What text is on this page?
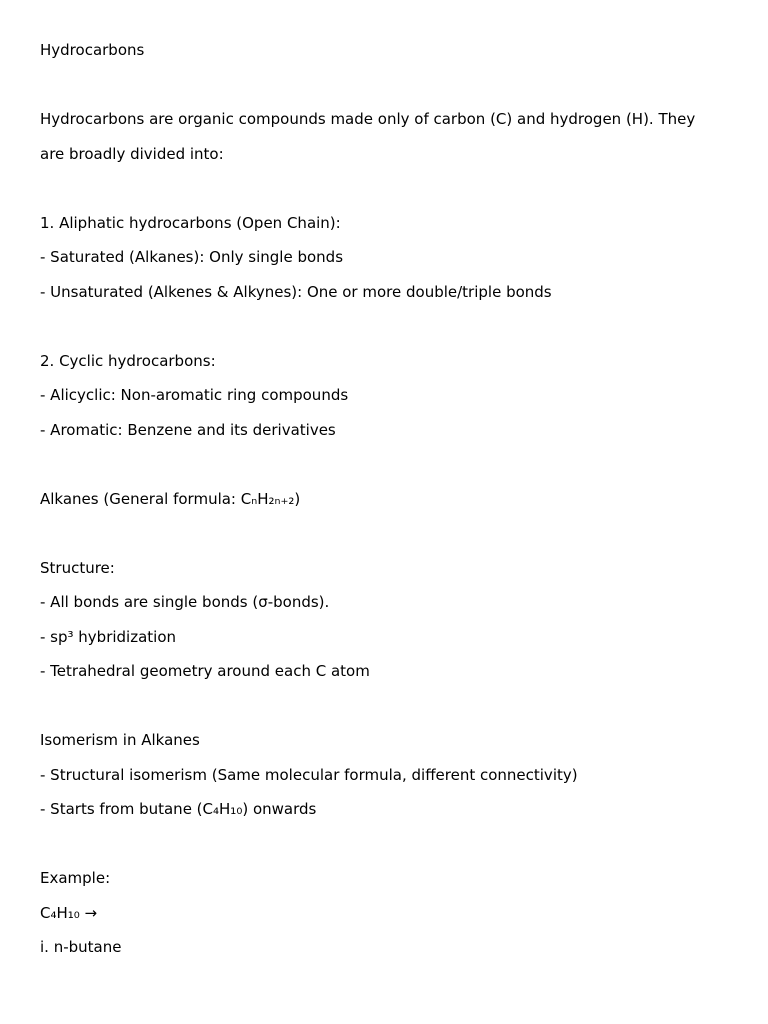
Hydrocarbons
Hydrocarbons are organic compounds made only of carbon (C) and hydrogen (H). They
are broadly divided into:
1. Aliphatic hydrocarbons (Open Chain):
- Saturated (Alkanes): Only single bonds
- Unsaturated (Alkenes & Alkynes): One or more double/triple bonds
2. Cyclic hydrocarbons:
- Alicyclic: Non-aromatic ring compounds
- Aromatic: Benzene and its derivatives
Alkanes (General formula: CₙH₂ₙ₊₂)
Structure:
- All bonds are single bonds (σ-bonds).
- sp³ hybridization
- Tetrahedral geometry around each C atom
Isomerism in Alkanes
- Structural isomerism (Same molecular formula, different connectivity)
- Starts from butane (C₄H₁₀) onwards
Example:
C₄H₁₀ →
i. n-butane
